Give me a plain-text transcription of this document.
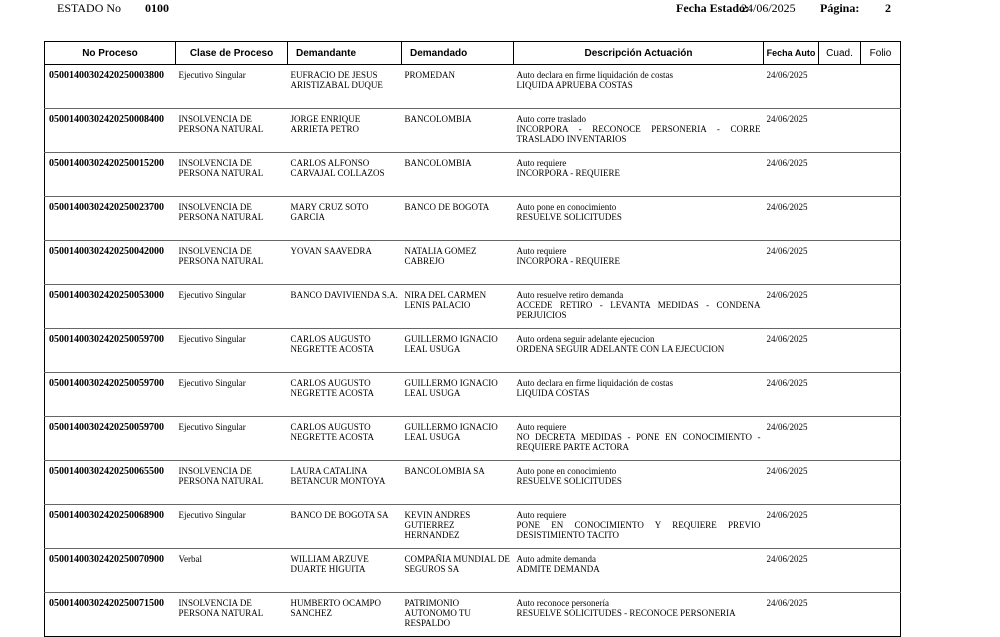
ESTADO No 0100	Fecha Estado:
24/06/2025 Página: 2
No Proceso	Clase de Proceso	Demandante	Demandado	Descripción Actuación	Fecha Auto	Cuad.	Folio
05001400302420250003800	Ejecutivo Singular	EUFRACIO DE JESUS ARISTIZABAL DUQUE	PROMEDAN	Auto declara en firme liquidación de costas
LIQUIDA APRUEBA COSTAS	24/06/2025		
05001400302420250008400	INSOLVENCIA DE PERSONA NATURAL	JORGE ENRIQUE ARRIETA PETRO	BANCOLOMBIA	Auto corre traslado
INCORPORA - RECONOCE PERSONERIA - CORRE TRASLADO INVENTARIOS	24/06/2025		
05001400302420250015200	INSOLVENCIA DE PERSONA NATURAL	CARLOS ALFONSO CARVAJAL COLLAZOS	BANCOLOMBIA	Auto requiere
INCORPORA - REQUIERE	24/06/2025		
05001400302420250023700	INSOLVENCIA DE PERSONA NATURAL	MARY CRUZ SOTO GARCIA	BANCO DE BOGOTA	Auto pone en conocimiento
RESUELVE SOLICITUDES	24/06/2025		
05001400302420250042000	INSOLVENCIA DE PERSONA NATURAL	YOVAN SAAVEDRA	NATALIA GOMEZ CABREJO	Auto requiere
INCORPORA - REQUIERE	24/06/2025		
05001400302420250053000	Ejecutivo Singular	BANCO DAVIVIENDA S.A.	NIRA DEL CARMEN LENIS PALACIO	Auto resuelve retiro demanda
ACCEDE RETIRO - LEVANTA MEDIDAS - CONDENA PERJUICIOS	24/06/2025		
05001400302420250059700	Ejecutivo Singular	CARLOS AUGUSTO NEGRETTE ACOSTA	GUILLERMO IGNACIO LEAL USUGA	Auto ordena seguir adelante ejecucion
ORDENA SEGUIR ADELANTE CON LA EJECUCION	24/06/2025		
05001400302420250059700	Ejecutivo Singular	CARLOS AUGUSTO NEGRETTE ACOSTA	GUILLERMO IGNACIO LEAL USUGA	Auto declara en firme liquidación de costas
LIQUIDA COSTAS	24/06/2025		
05001400302420250059700	Ejecutivo Singular	CARLOS AUGUSTO NEGRETTE ACOSTA	GUILLERMO IGNACIO LEAL USUGA	Auto requiere
NO DECRETA MEDIDAS - PONE EN CONOCIMIENTO - REQUIERE PARTE ACTORA	24/06/2025		
05001400302420250065500	INSOLVENCIA DE PERSONA NATURAL	LAURA CATALINA BETANCUR MONTOYA	BANCOLOMBIA SA	Auto pone en conocimiento
RESUELVE SOLICITUDES	24/06/2025		
05001400302420250068900	Ejecutivo Singular	BANCO DE BOGOTA SA	KEVIN ANDRES GUTIERREZ HERNANDEZ	Auto requiere
PONE EN CONOCIMIENTO Y REQUIERE PREVIO DESISTIMIENTO TACITO	24/06/2025		
05001400302420250070900	Verbal	WILLIAM ARZUVE DUARTE HIGUITA	COMPAÑIA MUNDIAL DE SEGUROS SA	Auto admite demanda
ADMITE DEMANDA	24/06/2025		
05001400302420250071500	INSOLVENCIA DE PERSONA NATURAL	HUMBERTO OCAMPO SANCHEZ	PATRIMONIO AUTONOMO TU RESPALDO	Auto reconoce personería
RESUELVE SOLICITUDES - RECONOCE PERSONERIA	24/06/2025		
